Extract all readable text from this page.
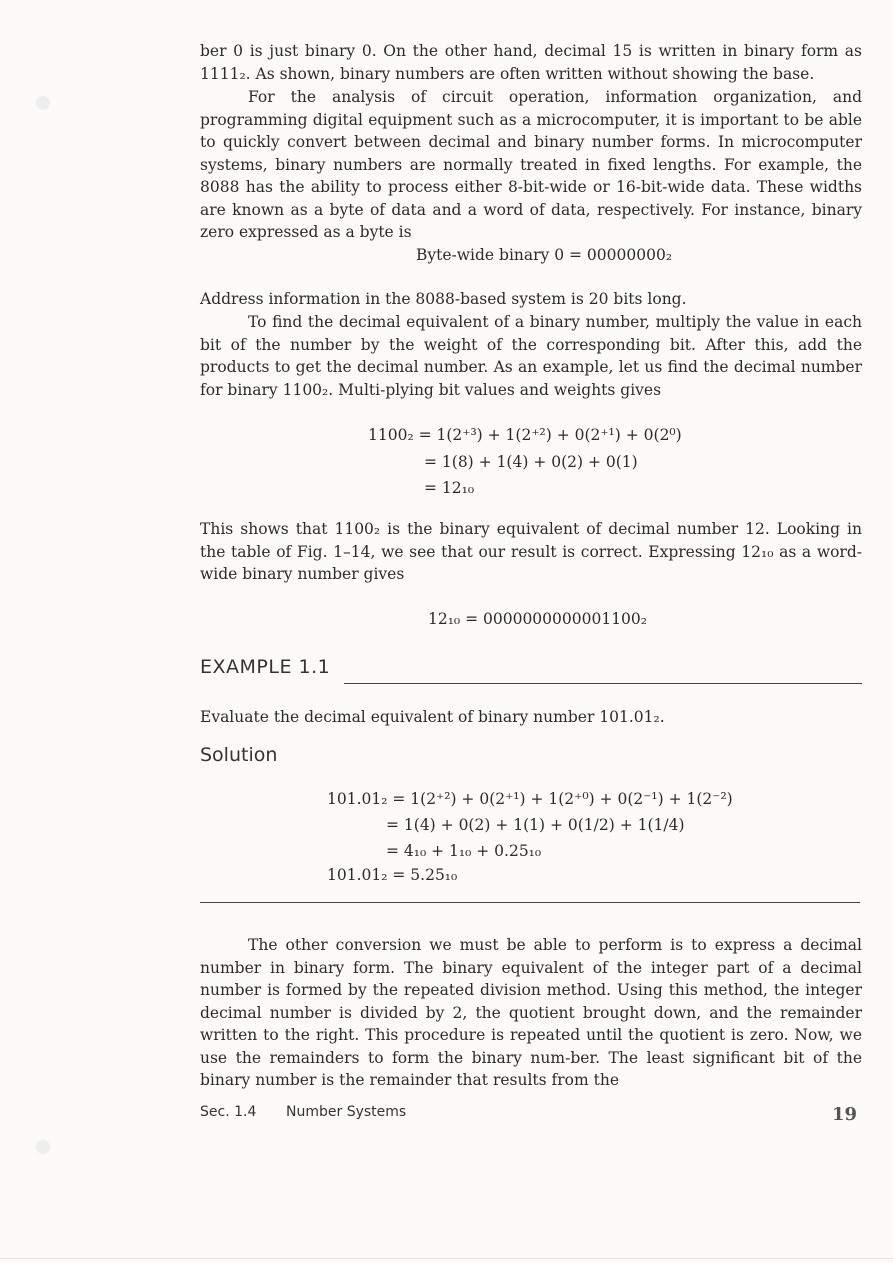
ber 0 is just binary 0. On the other hand, decimal 15 is written in binary form as 1111₂. As shown, binary numbers are often written without showing the base.

For the analysis of circuit operation, information organization, and programming digital equipment such as a microcomputer, it is important to be able to quickly convert between decimal and binary number forms. In microcomputer systems, binary numbers are normally treated in fixed lengths. For example, the 8088 has the ability to process either 8-bit-wide or 16-bit-wide data. These widths are known as a byte of data and a word of data, respectively. For instance, binary zero expressed as a byte is

Byte-wide binary 0 = 00000000₂

Address information in the 8088-based system is 20 bits long.

To find the decimal equivalent of a binary number, multiply the value in each bit of the number by the weight of the corresponding bit. After this, add the products to get the decimal number. As an example, let us find the decimal number for binary 1100₂. Multi-plying bit values and weights gives

1100₂ = 1(2⁺³) + 1(2⁺²) + 0(2⁺¹) + 0(2⁰)
= 1(8) + 1(4) + 0(2) + 0(1)
= 12₁₀

This shows that 1100₂ is the binary equivalent of decimal number 12. Looking in the table of Fig. 1–14, we see that our result is correct. Expressing 12₁₀ as a word-wide binary number gives

12₁₀ = 0000000000001100₂
EXAMPLE 1.1
Evaluate the decimal equivalent of binary number 101.01₂.
Solution
101.01₂ = 1(2⁺²) + 0(2⁺¹) + 1(2⁺⁰) + 0(2⁻¹) + 1(2⁻²)
= 1(4) + 0(2) + 1(1) + 0(1/2) + 1(1/4)
= 4₁₀ + 1₁₀ + 0.25₁₀
101.01₂ = 5.25₁₀

The other conversion we must be able to perform is to express a decimal number in binary form. The binary equivalent of the integer part of a decimal number is formed by the repeated division method. Using this method, the integer decimal number is divided by 2, the quotient brought down, and the remainder written to the right. This procedure is repeated until the quotient is zero. Now, we use the remainders to form the binary num-ber. The least significant bit of the binary number is the remainder that results from the

Sec. 1.4 Number Systems	19
